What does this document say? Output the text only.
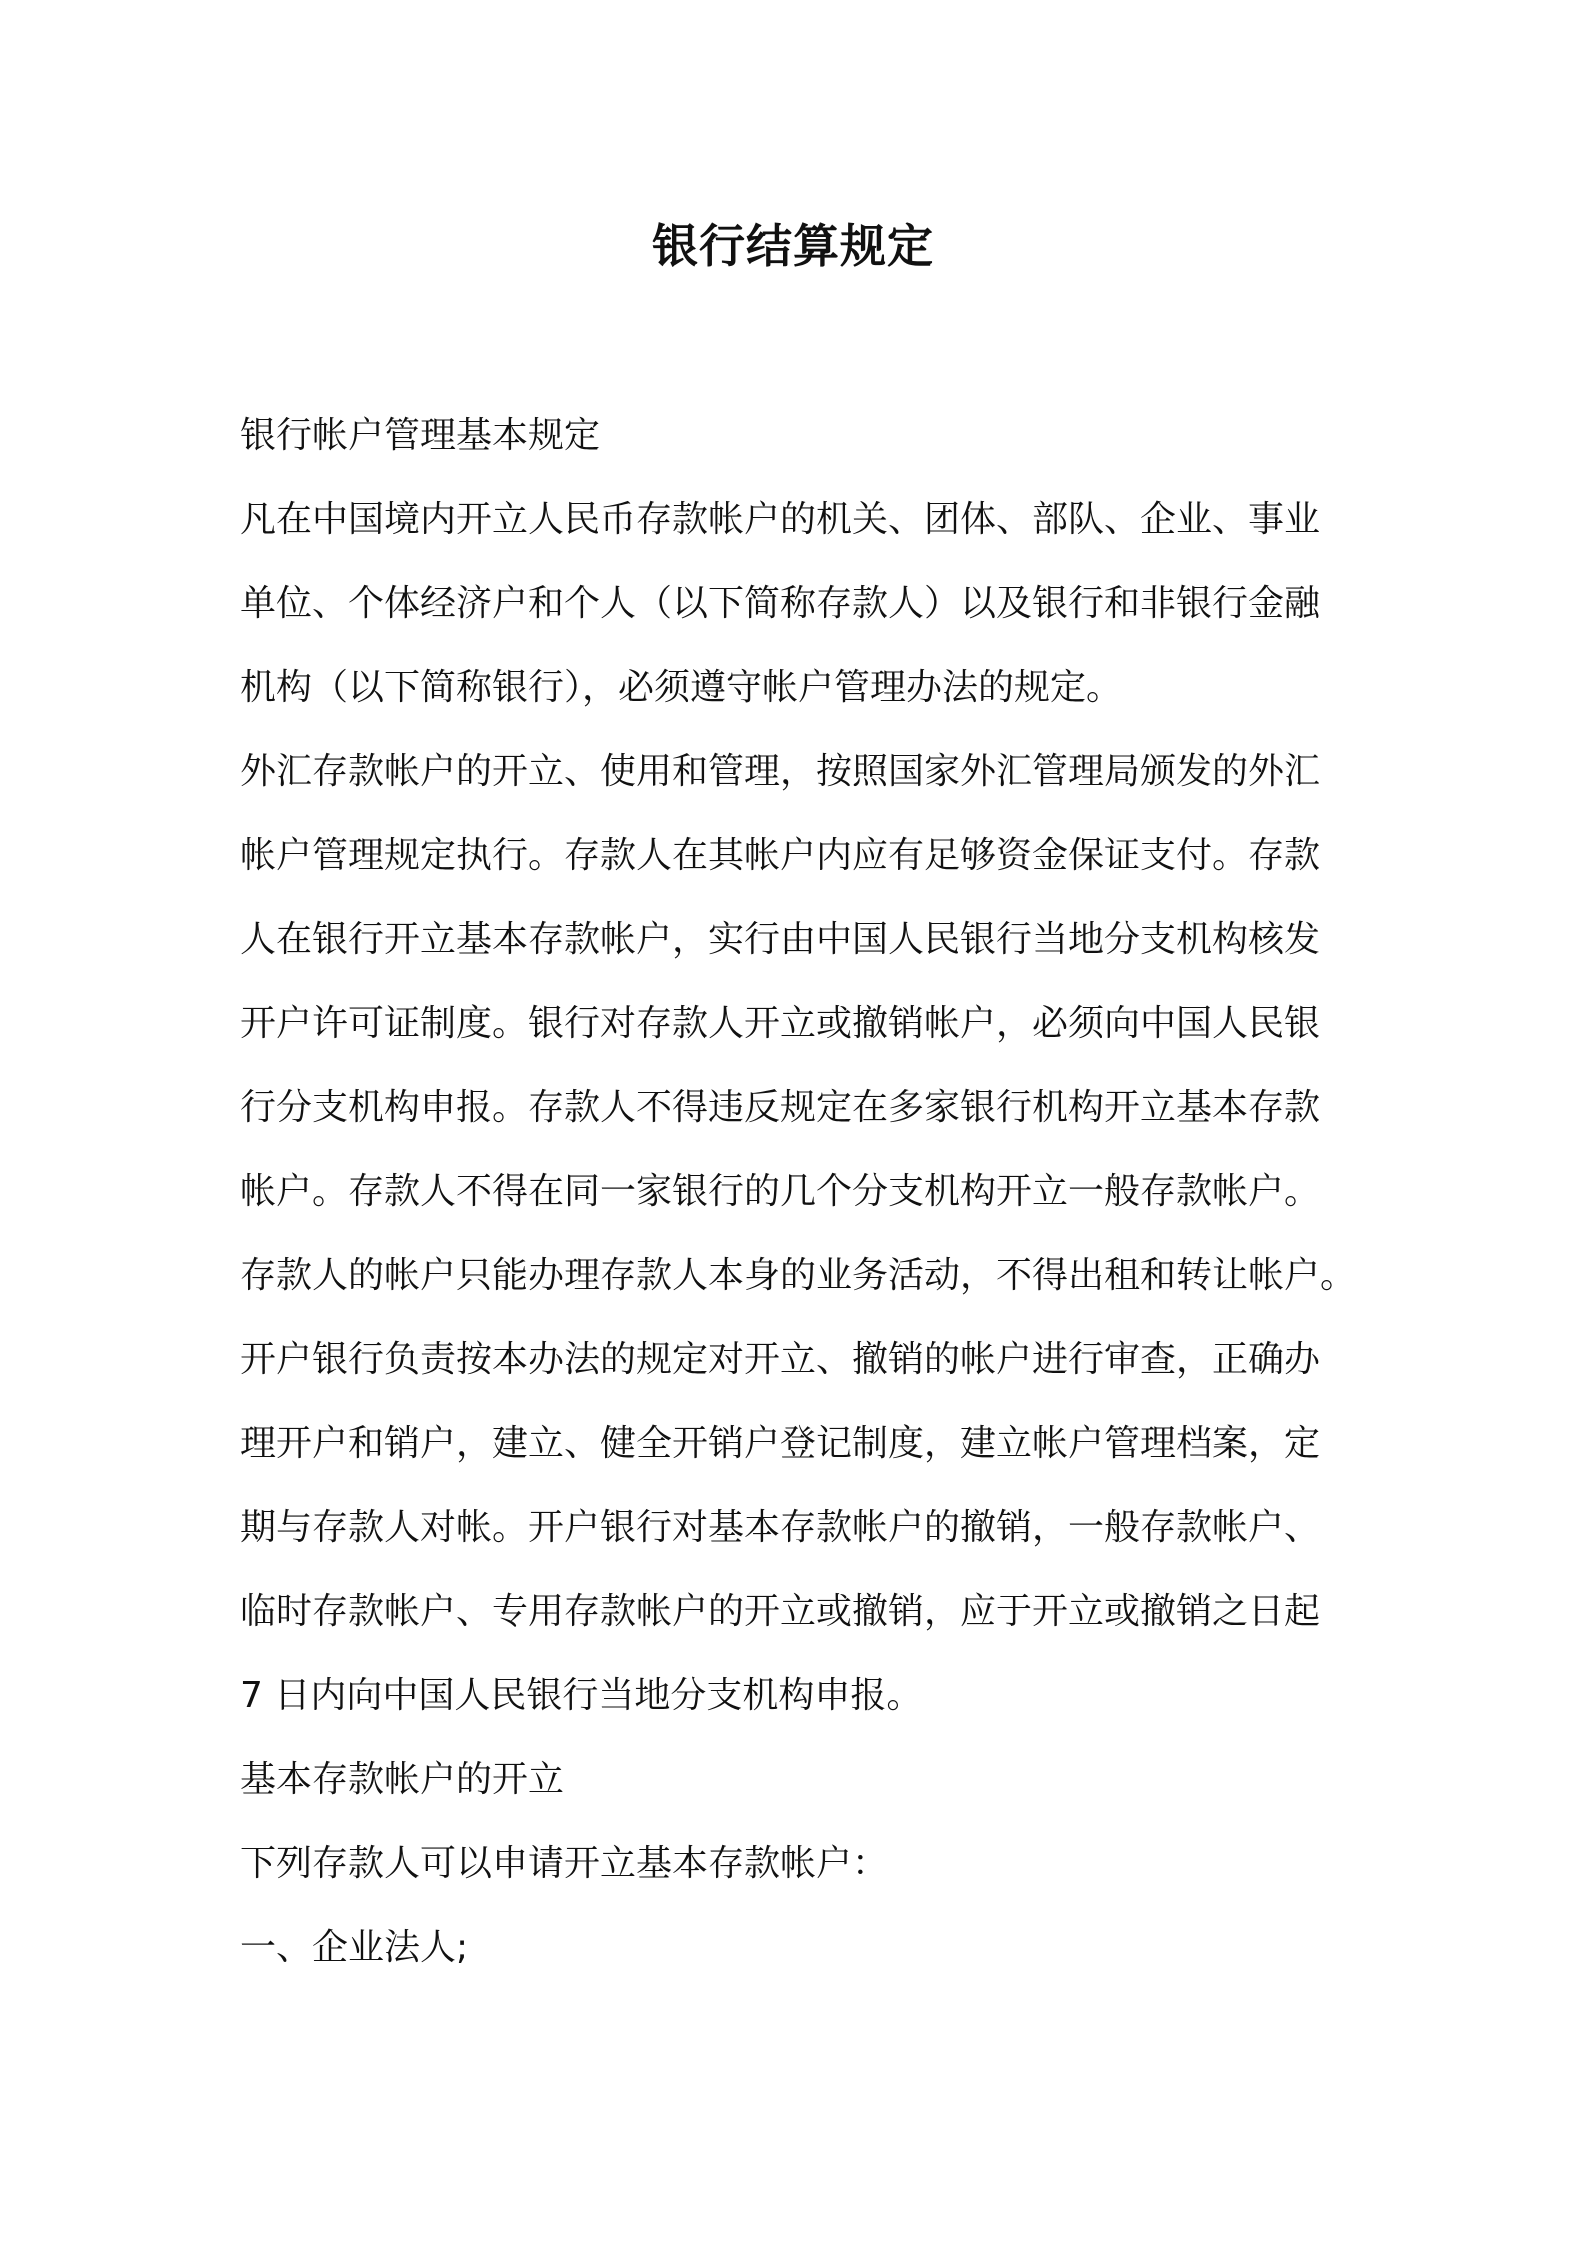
银行结算规定
银行帐户管理基本规定
凡在中国境内开立人民币存款帐户的机关、团体、部队、企业、事业
单位、个体经济户和个人（以下简称存款人）以及银行和非银行金融
机构（以下简称银行），必须遵守帐户管理办法的规定。
外汇存款帐户的开立、使用和管理，按照国家外汇管理局颁发的外汇
帐户管理规定执行。存款人在其帐户内应有足够资金保证支付。存款
人在银行开立基本存款帐户，实行由中国人民银行当地分支机构核发
开户许可证制度。银行对存款人开立或撤销帐户，必须向中国人民银
行分支机构申报。存款人不得违反规定在多家银行机构开立基本存款
帐户。存款人不得在同一家银行的几个分支机构开立一般存款帐户。
存款人的帐户只能办理存款人本身的业务活动，不得出租和转让帐户。
开户银行负责按本办法的规定对开立、撤销的帐户进行审查，正确办
理开户和销户，建立、健全开销户登记制度，建立帐户管理档案，定
期与存款人对帐。开户银行对基本存款帐户的撤销，一般存款帐户、
临时存款帐户、专用存款帐户的开立或撤销，应于开立或撤销之日起
7 日内向中国人民银行当地分支机构申报。
基本存款帐户的开立
下列存款人可以申请开立基本存款帐户：
一、企业法人;
